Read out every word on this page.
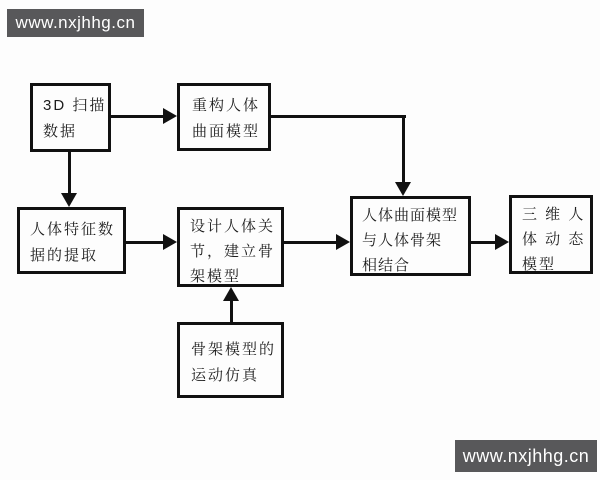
www.nxjhhg.cn
www.nxjhhg.cn
3D 扫描
数据
重构人体
曲面模型
人体特征数
据的提取
设计人体关
节，建立骨
架模型
人体曲面模型
与人体骨架
相结合
三 维 人
体 动 态
模型
骨架模型的
运动仿真
